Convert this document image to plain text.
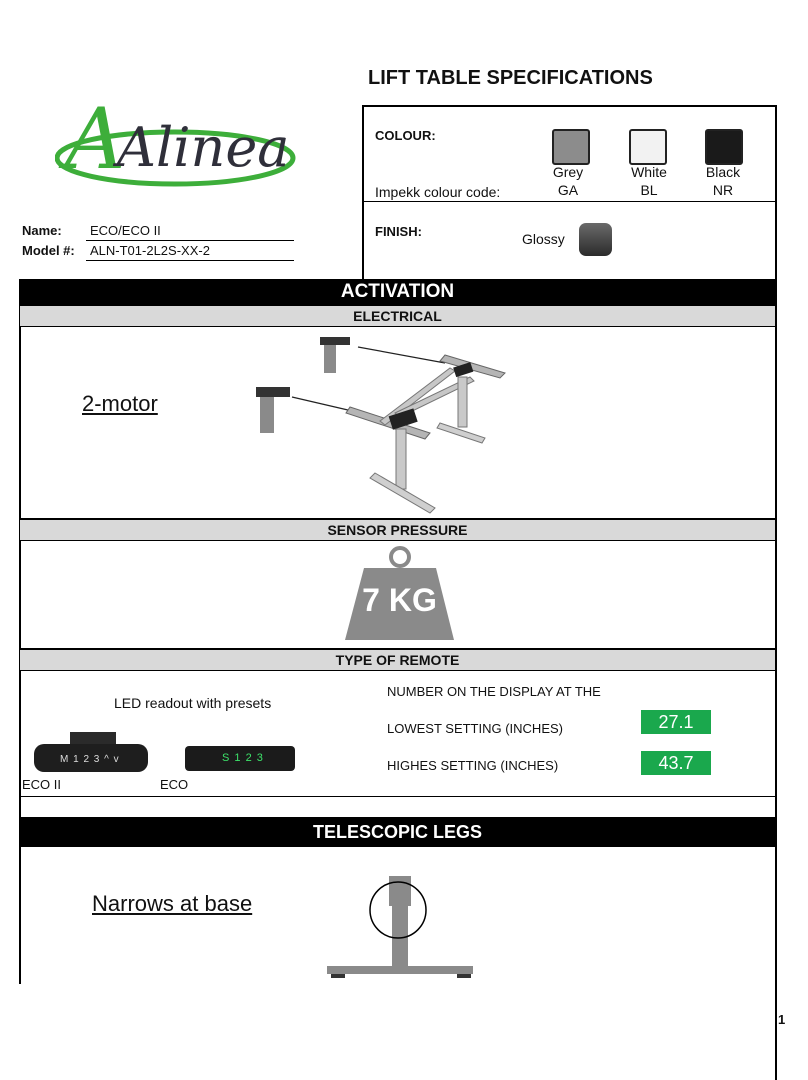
A
Alinea
LIFT TABLE SPECIFICATIONS
Name: ECO/ECO II
Model #: ALN-T01-2L2S-XX-2
COLOUR:
Impekk colour code:
Grey
GA
White
BL
Black
NR
FINISH:	Glossy
ACTIVATION
ELECTRICAL
2-motor
SENSOR PRESSURE
7 KG
TYPE OF REMOTE
LED readout with presets
M 1 2 3 ^ v	S 1 2 3
ECO II	ECO
NUMBER ON THE DISPLAY AT THE
LOWEST SETTING (INCHES)	27.1
HIGHES SETTING (INCHES)	43.7
TELESCOPIC LEGS
Narrows at base
1
